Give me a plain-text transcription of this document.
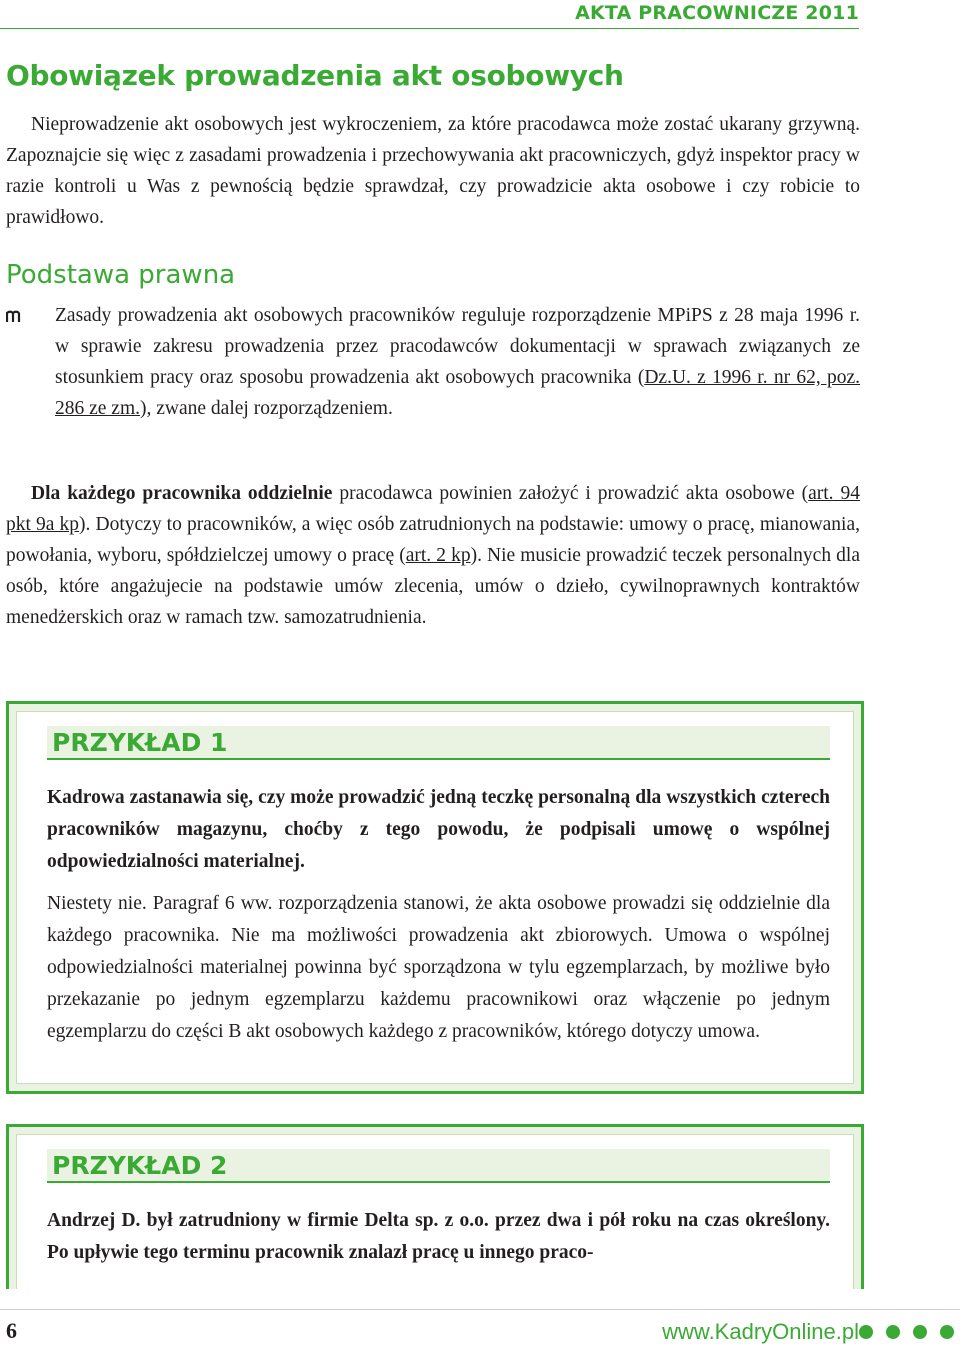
AKTA PRACOWNICZE 2011
Obowiązek prowadzenia akt osobowych

Nieprowadzenie akt osobowych jest wykroczeniem, za które pracodawca może zostać ukarany grzywną. Zapoznajcie się więc z zasadami prowadzenia i przechowywania akt pracowniczych, gdyż inspektor pracy w razie kontroli u Was z pewnością będzie sprawdzał, czy prowadzicie akta osobowe i czy robicie to prawidłowo.

Podstawa prawna

Zasady prowadzenia akt osobowych pracowników reguluje rozporządzenie MPiPS z 28 maja 1996 r. w sprawie zakresu prowadzenia przez pracodawców dokumentacji w sprawach związanych ze stosunkiem pracy oraz sposobu prowadzenia akt osobowych pracownika (Dz.U. z 1996 r. nr 62, poz. 286 ze zm.), zwane dalej rozporządzeniem.

Dla każdego pracownika oddzielnie pracodawca powinien założyć i prowadzić akta osobowe (art. 94 pkt 9a kp). Dotyczy to pracowników, a więc osób zatrudnionych na podstawie: umowy o pracę, mianowania, powołania, wyboru, spółdzielczej umowy o pracę (art. 2 kp). Nie musicie prowadzić teczek personalnych dla osób, które angażujecie na podstawie umów zlecenia, umów o dzieło, cywilnoprawnych kontraktów menedżerskich oraz w ramach tzw. samozatrudnienia.

PRZYKŁAD 1

Kadrowa zastanawia się, czy może prowadzić jedną teczkę personalną dla wszystkich czterech pracowników magazynu, choćby z tego powodu, że podpisali umowę o wspólnej odpowiedzialności materialnej.

Niestety nie. Paragraf 6 ww. rozporządzenia stanowi, że akta osobowe prowadzi się oddzielnie dla każdego pracownika. Nie ma możliwości prowadzenia akt zbiorowych. Umowa o wspólnej odpowiedzialności materialnej powinna być sporządzona w tylu egzemplarzach, by możliwe było przekazanie po jednym egzemplarzu każdemu pracownikowi oraz włączenie po jednym egzemplarzu do części B akt osobowych każdego z pracowników, którego dotyczy umowa.

PRZYKŁAD 2

Andrzej D. był zatrudniony w firmie Delta sp. z o.o. przez dwa i pół roku na czas określony. Po upływie tego terminu pracownik znalazł pracę u innego praco-

6	www.KadryOnline.pl
